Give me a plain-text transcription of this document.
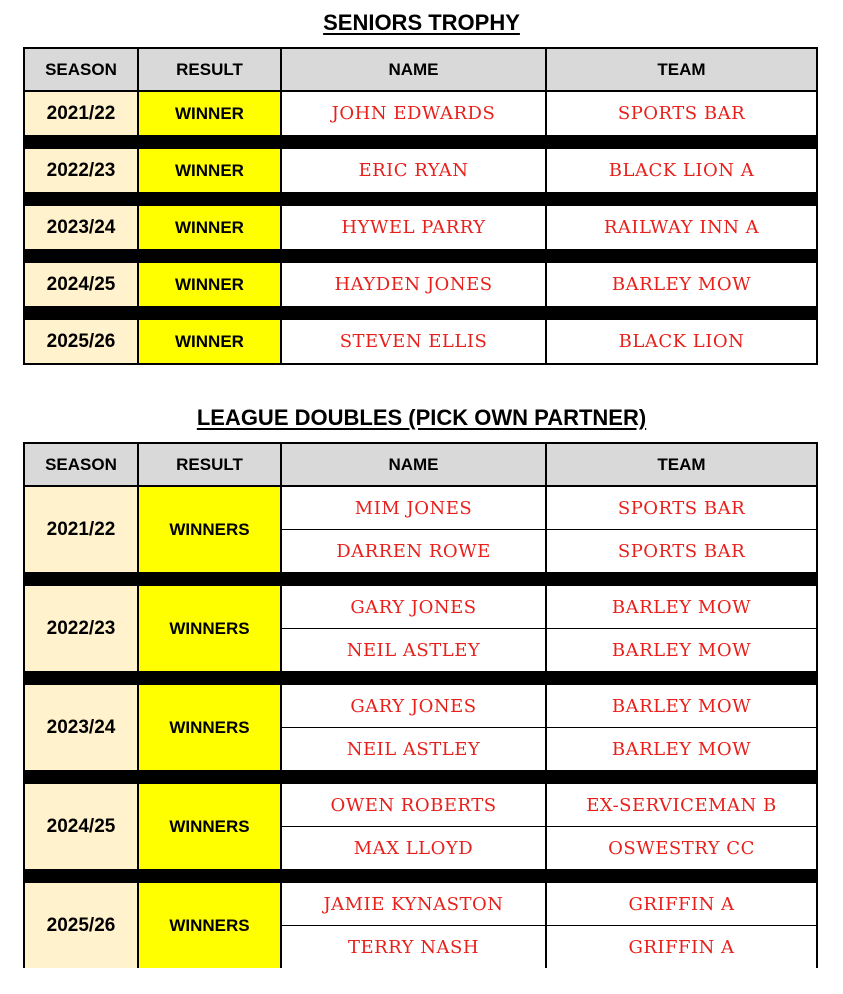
SENIORS TROPHY
SEASON	RESULT	NAME	TEAM
2021/22	WINNER	JOHN EDWARDS	SPORTS BAR

2022/23	WINNER	ERIC RYAN	BLACK LION A

2023/24	WINNER	HYWEL PARRY	RAILWAY INN A

2024/25	WINNER	HAYDEN JONES	BARLEY MOW

2025/26	WINNER	STEVEN ELLIS	BLACK LION
LEAGUE DOUBLES (PICK OWN PARTNER)
SEASON	RESULT	NAME	TEAM
2021/22	WINNERS	MIM JONES	SPORTS BAR
		DARREN ROWE	SPORTS BAR

2022/23	WINNERS	GARY JONES	BARLEY MOW
		NEIL ASTLEY	BARLEY MOW

2023/24	WINNERS	GARY JONES	BARLEY MOW
		NEIL ASTLEY	BARLEY MOW

2024/25	WINNERS	OWEN ROBERTS	EX-SERVICEMAN B
		MAX LLOYD	OSWESTRY CC

2025/26	WINNERS	JAMIE KYNASTON	GRIFFIN A
		TERRY NASH	GRIFFIN A
